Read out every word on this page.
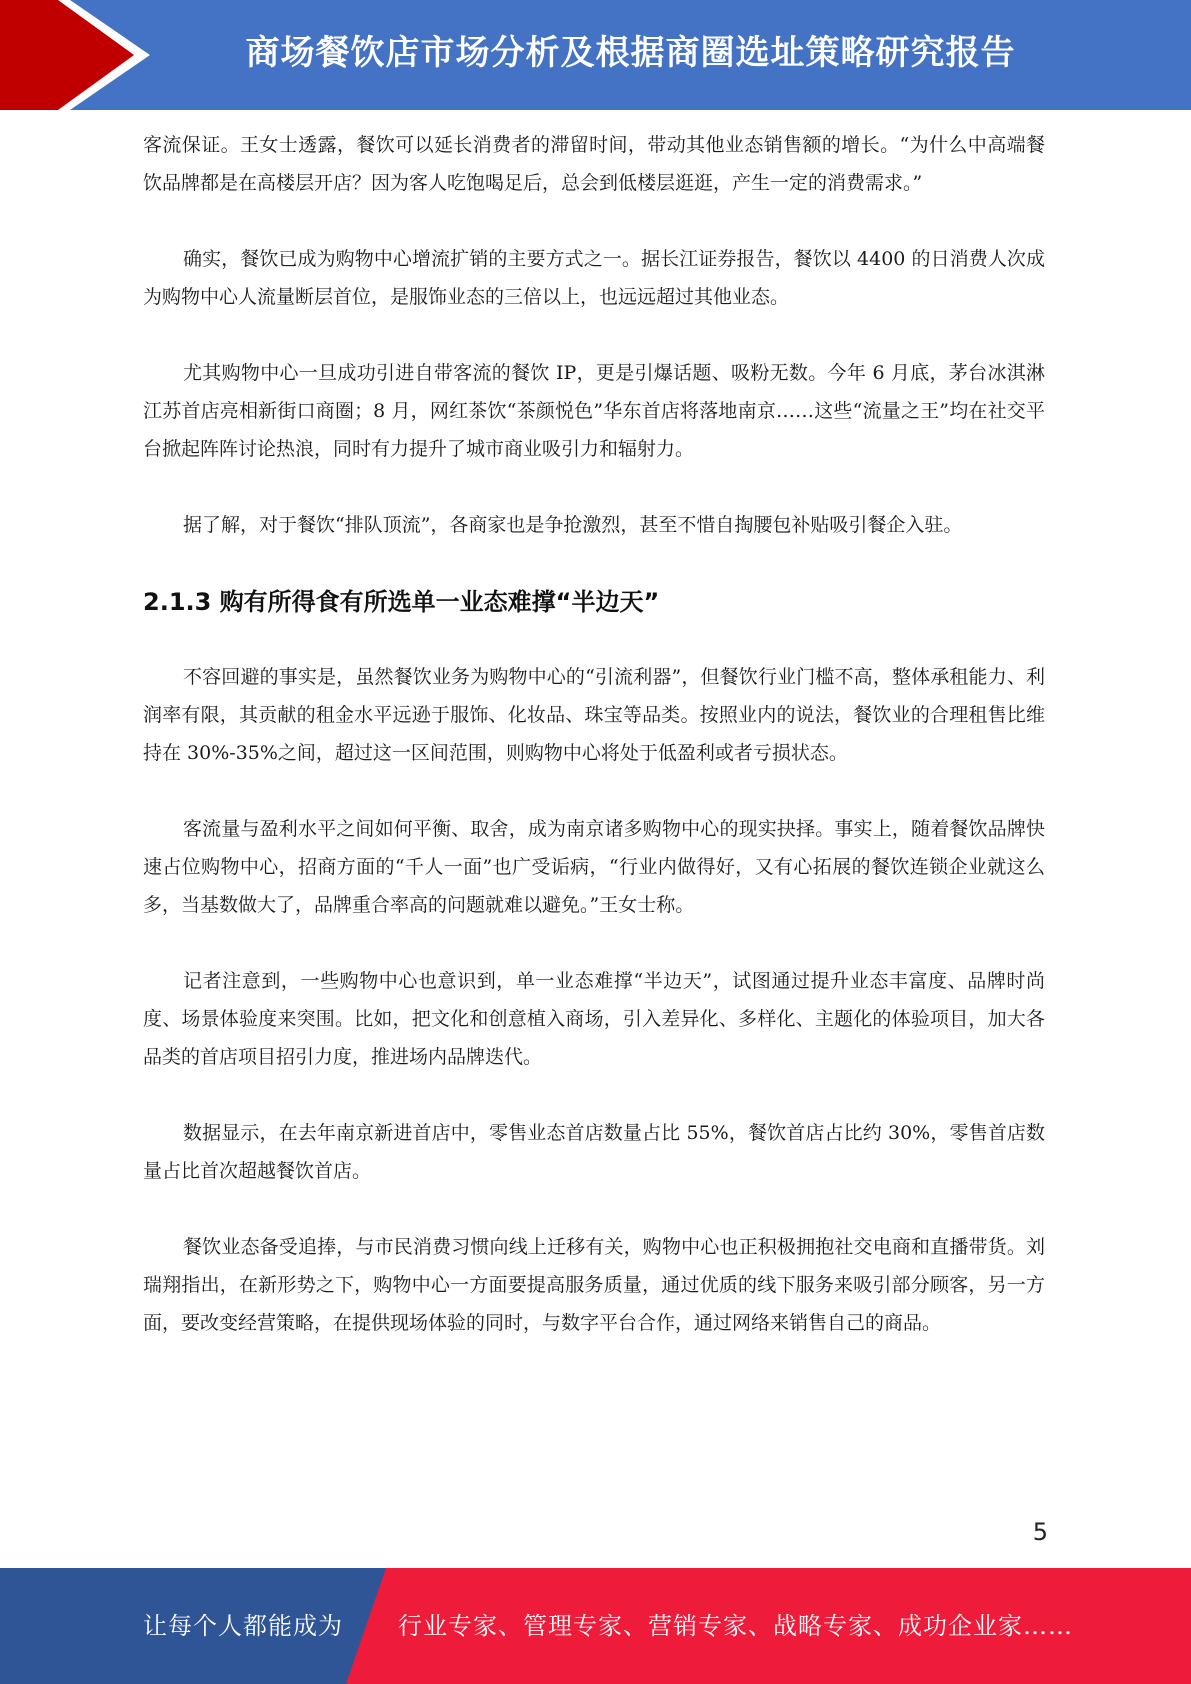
商场餐饮店市场分析及根据商圈选址策略研究报告

客流保证。王女士透露，餐饮可以延长消费者的滞留时间，带动其他业态销售额的增长。“为什么中高端餐饮品牌都是在高楼层开店？因为客人吃饱喝足后，总会到低楼层逛逛，产生一定的消费需求。”

确实，餐饮已成为购物中心增流扩销的主要方式之一。据长江证券报告，餐饮以 4400 的日消费人次成为购物中心人流量断层首位，是服饰业态的三倍以上，也远远超过其他业态。

尤其购物中心一旦成功引进自带客流的餐饮 IP，更是引爆话题、吸粉无数。今年 6 月底，茅台冰淇淋江苏首店亮相新街口商圈；8 月，网红茶饮“茶颜悦色”华东首店将落地南京……这些“流量之王”均在社交平台掀起阵阵讨论热浪，同时有力提升了城市商业吸引力和辐射力。

据了解，对于餐饮“排队顶流”，各商家也是争抢激烈，甚至不惜自掏腰包补贴吸引餐企入驻。

2.1.3 购有所得食有所选单一业态难撑“半边天”

不容回避的事实是，虽然餐饮业务为购物中心的“引流利器”，但餐饮行业门槛不高，整体承租能力、利润率有限，其贡献的租金水平远逊于服饰、化妆品、珠宝等品类。按照业内的说法，餐饮业的合理租售比维持在 30%-35%之间，超过这一区间范围，则购物中心将处于低盈利或者亏损状态。

客流量与盈利水平之间如何平衡、取舍，成为南京诸多购物中心的现实抉择。事实上，随着餐饮品牌快速占位购物中心，招商方面的“千人一面”也广受诟病，“行业内做得好，又有心拓展的餐饮连锁企业就这么多，当基数做大了，品牌重合率高的问题就难以避免。”王女士称。

记者注意到，一些购物中心也意识到，单一业态难撑“半边天”，试图通过提升业态丰富度、品牌时尚度、场景体验度来突围。比如，把文化和创意植入商场，引入差异化、多样化、主题化的体验项目，加大各品类的首店项目招引力度，推进场内品牌迭代。

数据显示，在去年南京新进首店中，零售业态首店数量占比 55%，餐饮首店占比约 30%，零售首店数量占比首次超越餐饮首店。

餐饮业态备受追捧，与市民消费习惯向线上迁移有关，购物中心也正积极拥抱社交电商和直播带货。刘瑞翔指出，在新形势之下，购物中心一方面要提高服务质量，通过优质的线下服务来吸引部分顾客，另一方面，要改变经营策略，在提供现场体验的同时，与数字平台合作，通过网络来销售自己的商品。

5
让每个人都能成为 行业专家、管理专家、营销专家、战略专家、成功企业家……
